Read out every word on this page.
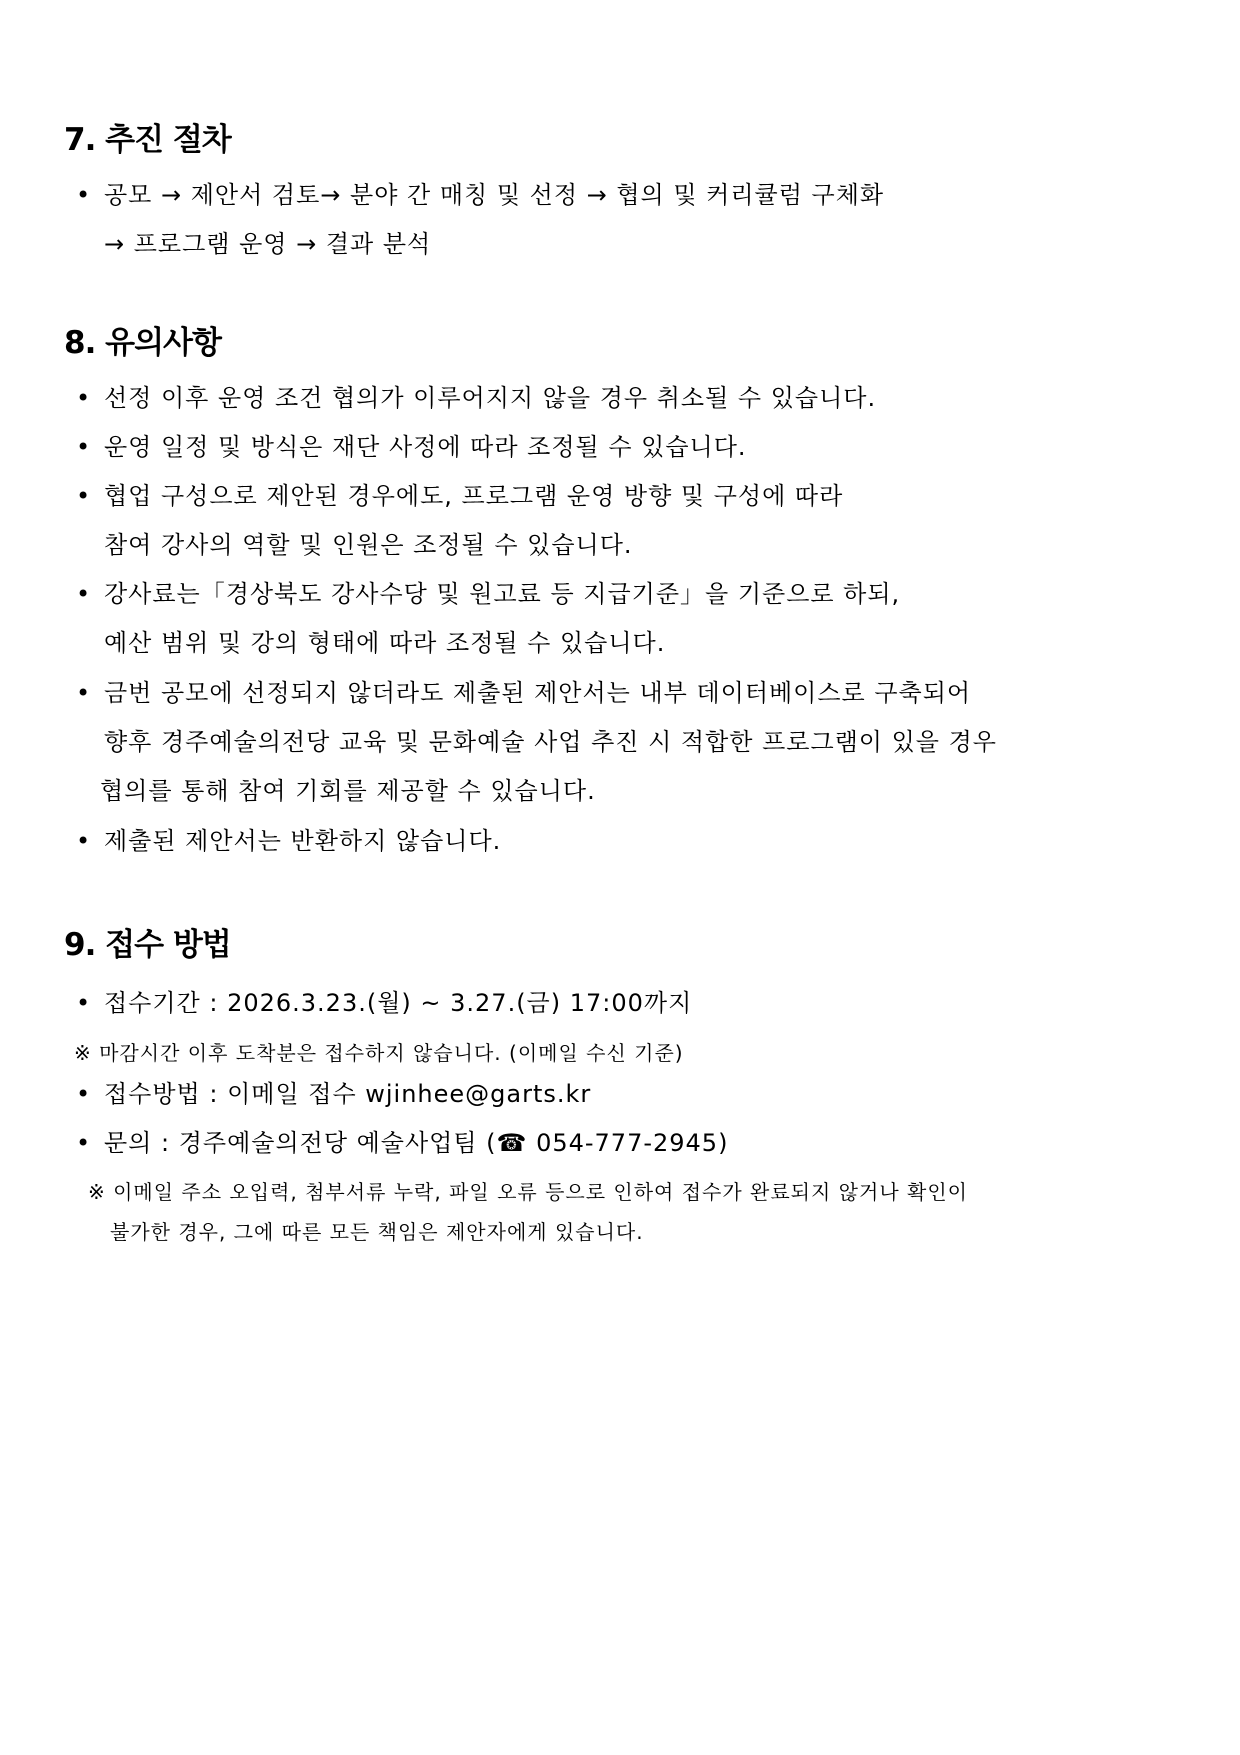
7. 추진 절차
• 공모 → 제안서 검토→ 분야 간 매칭 및 선정 → 협의 및 커리큘럼 구체화
→ 프로그램 운영 → 결과 분석
8. 유의사항
• 선정 이후 운영 조건 협의가 이루어지지 않을 경우 취소될 수 있습니다.
• 운영 일정 및 방식은 재단 사정에 따라 조정될 수 있습니다.
• 협업 구성으로 제안된 경우에도, 프로그램 운영 방향 및 구성에 따라
참여 강사의 역할 및 인원은 조정될 수 있습니다.
• 강사료는「경상북도 강사수당 및 원고료 등 지급기준」을 기준으로 하되,
예산 범위 및 강의 형태에 따라 조정될 수 있습니다.
• 금번 공모에 선정되지 않더라도 제출된 제안서는 내부 데이터베이스로 구축되어
향후 경주예술의전당 교육 및 문화예술 사업 추진 시 적합한 프로그램이 있을 경우
협의를 통해 참여 기회를 제공할 수 있습니다.
• 제출된 제안서는 반환하지 않습니다.
9. 접수 방법
• 접수기간 : 2026.3.23.(월) ~ 3.27.(금) 17:00까지
※ 마감시간 이후 도착분은 접수하지 않습니다. (이메일 수신 기준)
• 접수방법 : 이메일 접수 wjinhee@garts.kr
• 문의 : 경주예술의전당 예술사업팀 (☎ 054-777-2945)
※ 이메일 주소 오입력, 첨부서류 누락, 파일 오류 등으로 인하여 접수가 완료되지 않거나 확인이
불가한 경우, 그에 따른 모든 책임은 제안자에게 있습니다.
